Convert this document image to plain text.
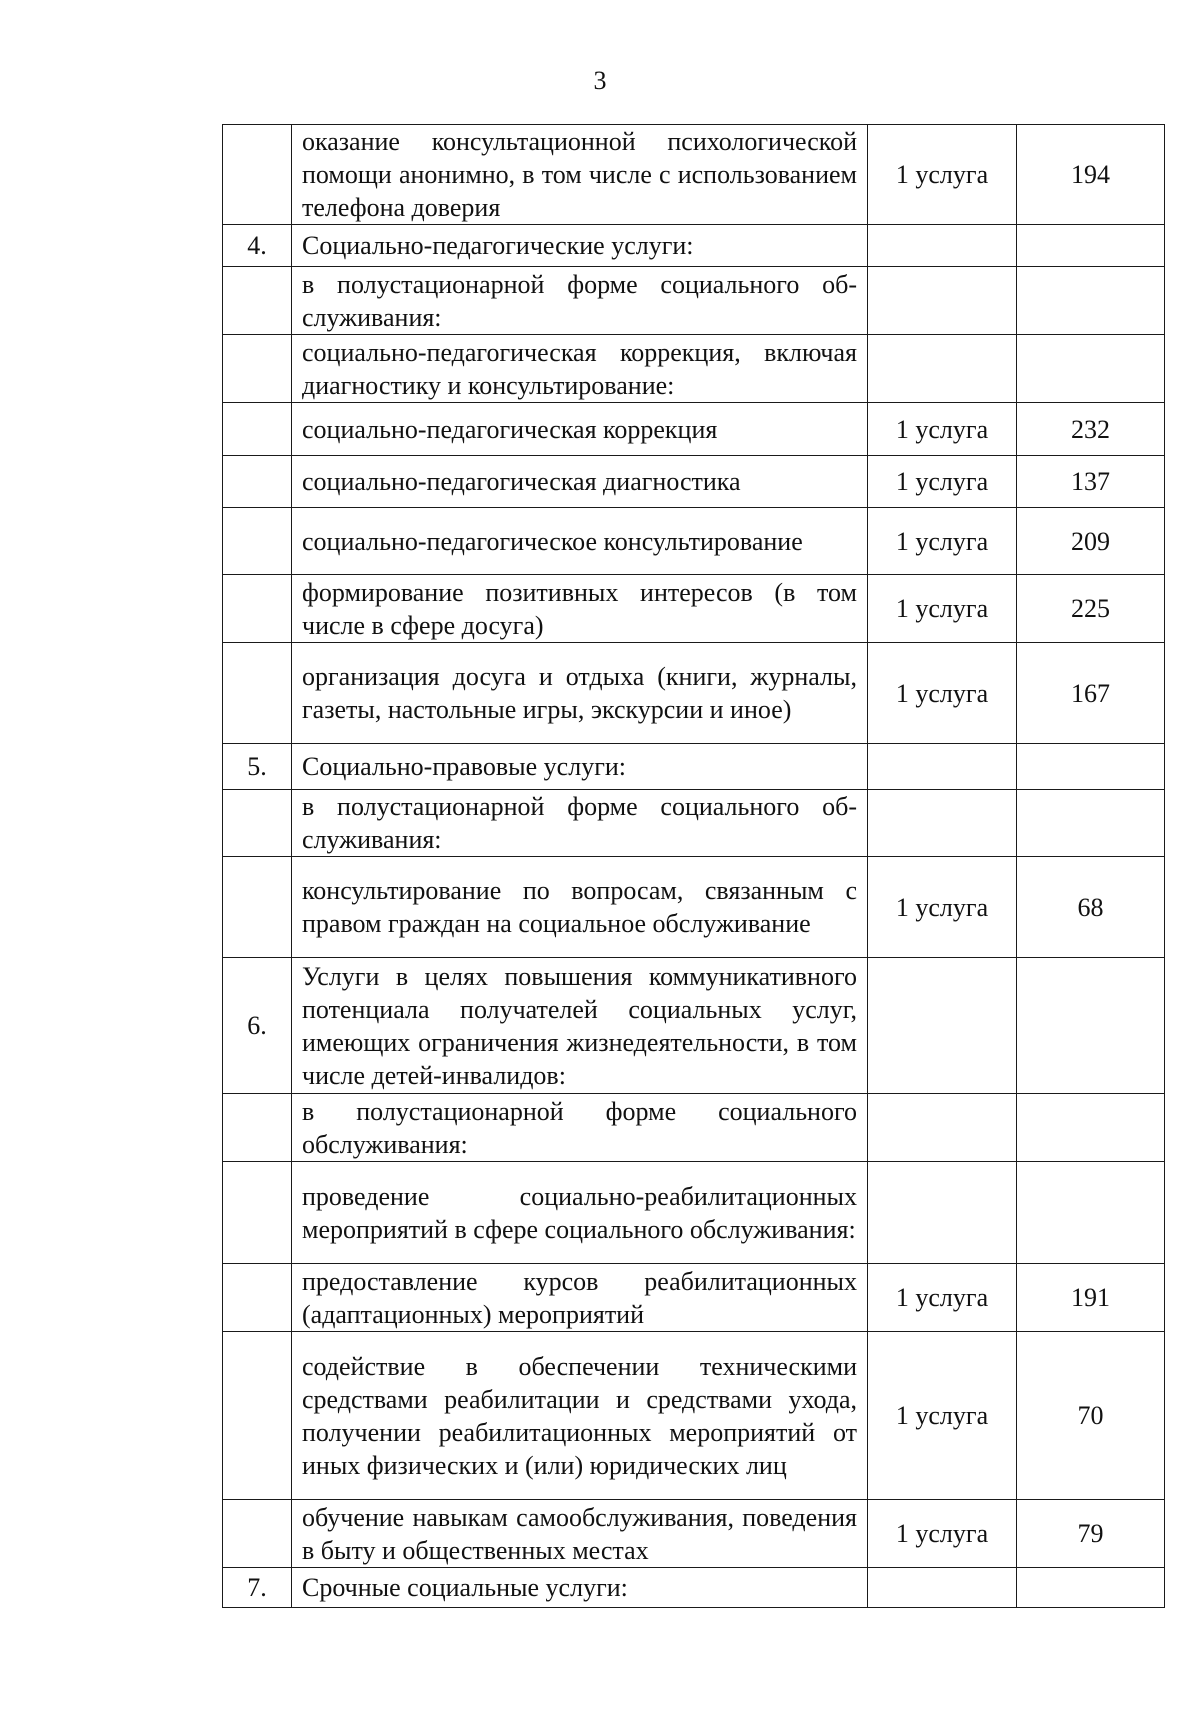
3
	оказание консультационной психологической помощи анонимно, в том числе с использованием телефона доверия	1 услуга	194
4.	Социально-педагогические услуги:		
	в полустационарной форме социального обслуживания:		
	социально-педагогическая коррекция, включая диагностику и консультирование:		
	социально-педагогическая коррекция	1 услуга	232
	социально-педагогическая диагностика	1 услуга	137
	социально-педагогическое консультирование	1 услуга	209
	формирование позитивных интересов (в том числе в сфере досуга)	1 услуга	225
	организация досуга и отдыха (книги, журналы, газеты, настольные игры, экскурсии и иное)	1 услуга	167
5.	Социально-правовые услуги:		
	в полустационарной форме социального обслуживания:		
	консультирование по вопросам, связанным с правом граждан на социальное обслуживание	1 услуга	68
6.	Услуги в целях повышения коммуникативного потенциала получателей социальных услуг, имеющих ограничения жизнедеятельности, в том числе детей-инвалидов:		
	в полустационарной форме социального обслуживания:		
	проведение социально-реабилитационных мероприятий в сфере социального обслуживания:		
	предоставление курсов реабилитационных (адаптационных) мероприятий	1 услуга	191
	содействие в обеспечении техническими средствами реабилитации и средствами ухода, получении реабилитационных мероприятий от иных физических и (или) юридических лиц	1 услуга	70
	обучение навыкам самообслуживания, поведения в быту и общественных местах	1 услуга	79
7.	Срочные социальные услуги:		
